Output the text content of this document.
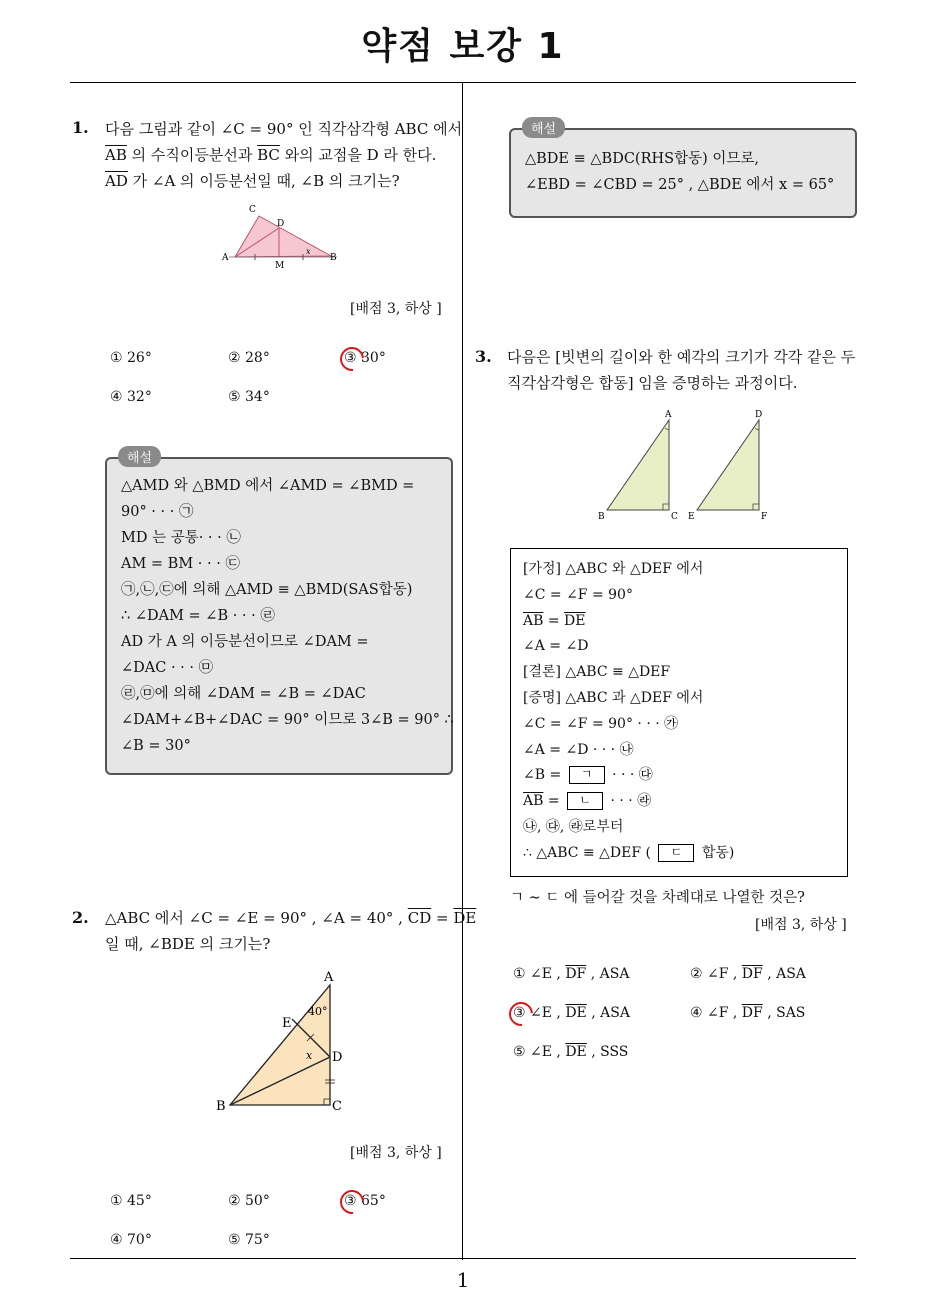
약점 보강 1
1
1. 다음 그림과 같이 ∠C = 90° 인 직각삼각형 ABC 에서
$\overline{AB}$ 의 수직이등분선과 $\overline{BC}$ 와의 교점을 D 라 한다.
$\overline{AD}$ 가 ∠A 의 이등분선일 때, ∠B 의 크기는?
C
D
A
M
B
x
[배점 3, 하상 ]
① 26°	② 28°	③ 30°
④ 32°	⑤ 34°
△AMD 와 △BMD 에서 ∠AMD = ∠BMD =
90° · · · ㉠
MD 는 공통· · · ㉡
AM = BM · · · ㉢
㉠,㉡,㉢에 의해 △AMD ≡ △BMD(SAS합동)
∴ ∠DAM = ∠B · · · ㉣
AD 가 A 의 이등분선이므로 ∠DAM =
∠DAC · · · ㉤
㉣,㉤에 의해 ∠DAM = ∠B = ∠DAC
∠DAM+∠B+∠DAC = 90° 이므로 3∠B = 90° ∴
∠B = 30°
해설
2. △ABC 에서 ∠C = ∠E = 90° , ∠A = 40° , $\overline{CD} = \overline{DE}$
일 때, ∠BDE 의 크기는?
A
40°
E
x D
B	C
[배점 3, 하상 ]
① 45°	② 50°	③ 65°
④ 70°	⑤ 75°
△BDE ≡ △BDC(RHS합동) 이므로,
∠EBD = ∠CBD = 25° , △BDE 에서 x = 65°
해설
3. 다음은 [빗변의 길이와 한 예각의 크기가 각각 같은 두
직각삼각형은 합동] 임을 증명하는 과정이다.
A	D
B	C E	F
[가정] △ABC 와 △DEF 에서
∠C = ∠F = 90°
$\overline{AB} = \overline{DE}$
∠A = ∠D
[결론] △ABC ≡ △DEF
[증명] △ABC 과 △DEF 에서
∠C = ∠F = 90° · · · ㉮
∠A = ∠D · · · ㉯
∠B = ㄱ · · · ㉰
$\overline{AB}$ = ㄴ · · · ㉱
㉯, ㉰, ㉱로부터
∴ △ABC ≡ △DEF ( ㄷ 합동)
ㄱ ∼ ㄷ 에 들어갈 것을 차례대로 나열한 것은?
[배점 3, 하상 ]
① ∠E , $\overline{DF}$ , ASA	② ∠F , $\overline{DF}$ , ASA
③ ∠E , $\overline{DE}$ , ASA	④ ∠F , $\overline{DF}$ , SAS
⑤ ∠E , $\overline{DE}$ , SSS
